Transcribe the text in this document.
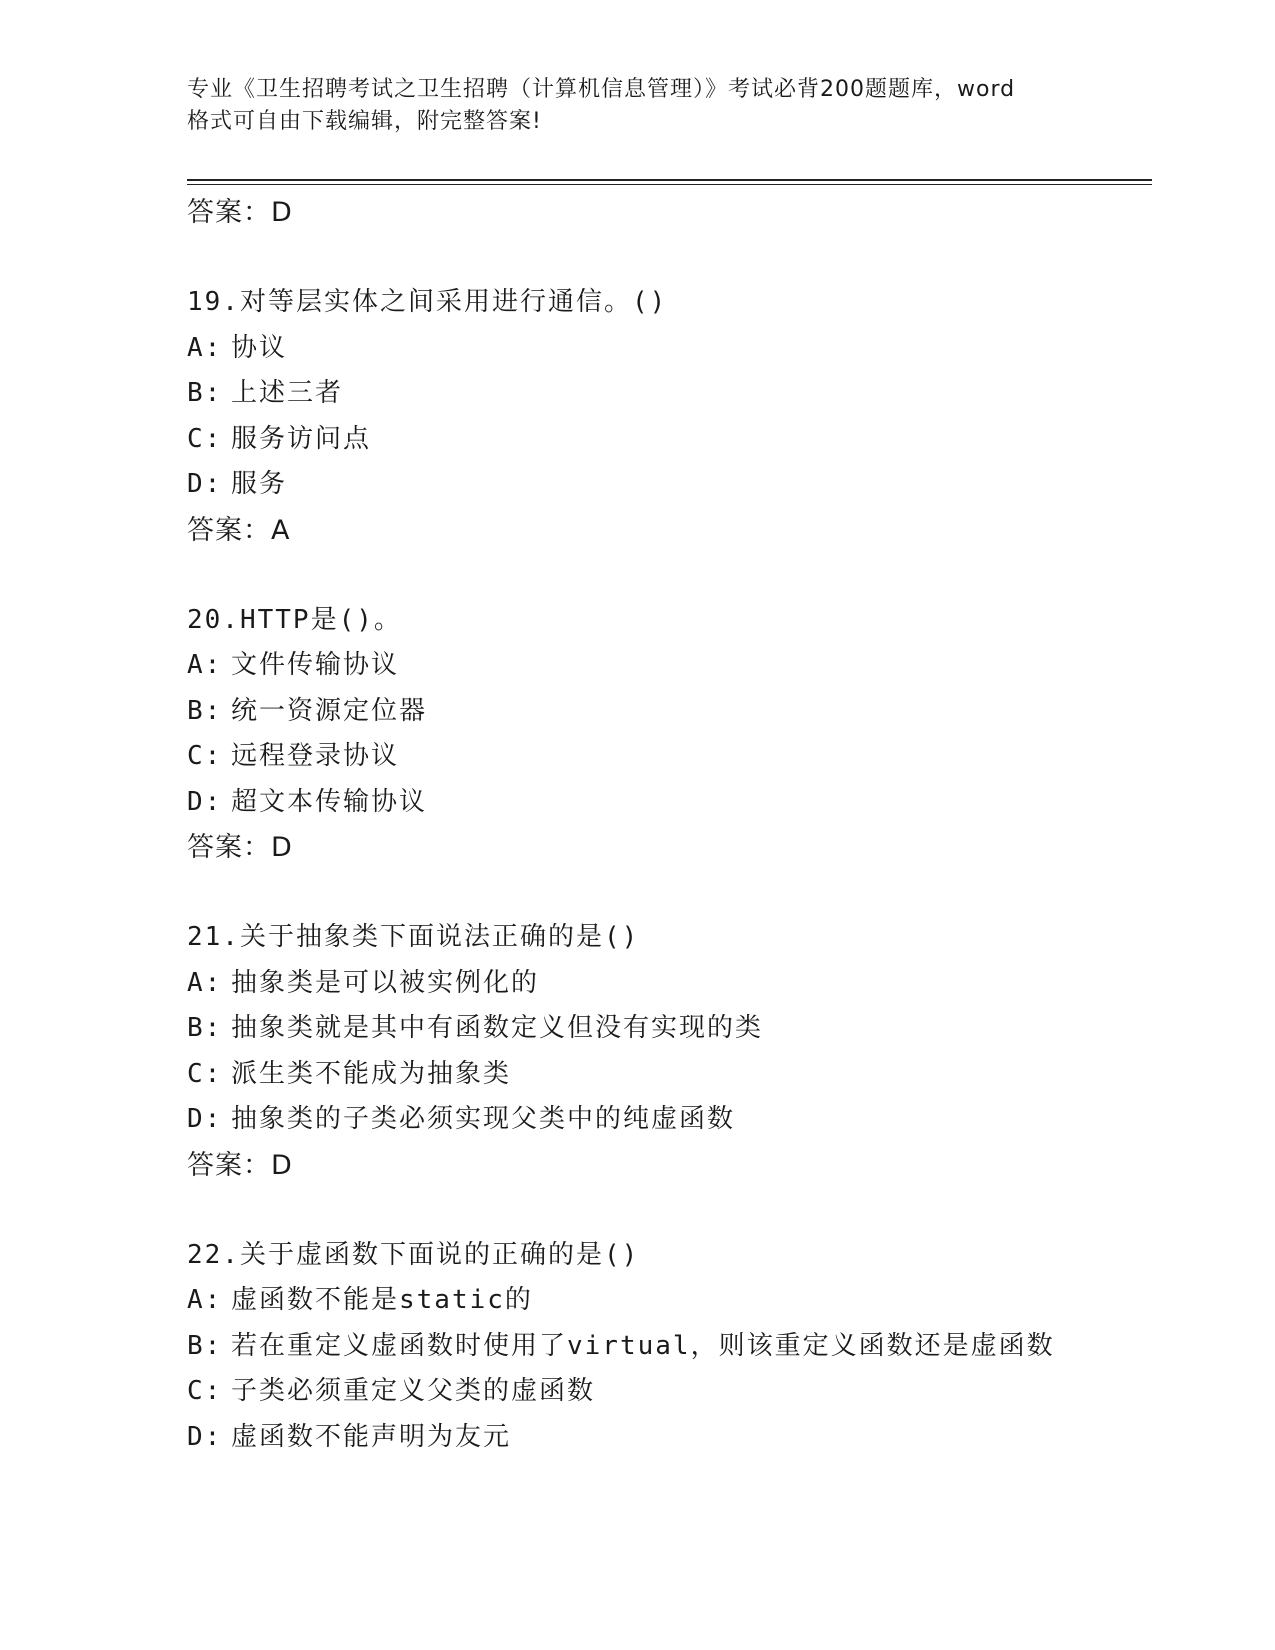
专业《卫生招聘考试之卫生招聘（计算机信息管理）》考试必背200题题库，word
格式可自由下载编辑，附完整答案!
答案：D
19.对等层实体之间采用进行通信。()
A: 协议
B: 上述三者
C: 服务访问点
D: 服务
答案：A
20.HTTP是()。
A: 文件传输协议
B: 统一资源定位器
C: 远程登录协议
D: 超文本传输协议
答案：D
21.关于抽象类下面说法正确的是()
A: 抽象类是可以被实例化的
B: 抽象类就是其中有函数定义但没有实现的类
C: 派生类不能成为抽象类
D: 抽象类的子类必须实现父类中的纯虚函数
答案：D
22.关于虚函数下面说的正确的是()
A: 虚函数不能是static的
B: 若在重定义虚函数时使用了virtual，则该重定义函数还是虚函数
C: 子类必须重定义父类的虚函数
D: 虚函数不能声明为友元
